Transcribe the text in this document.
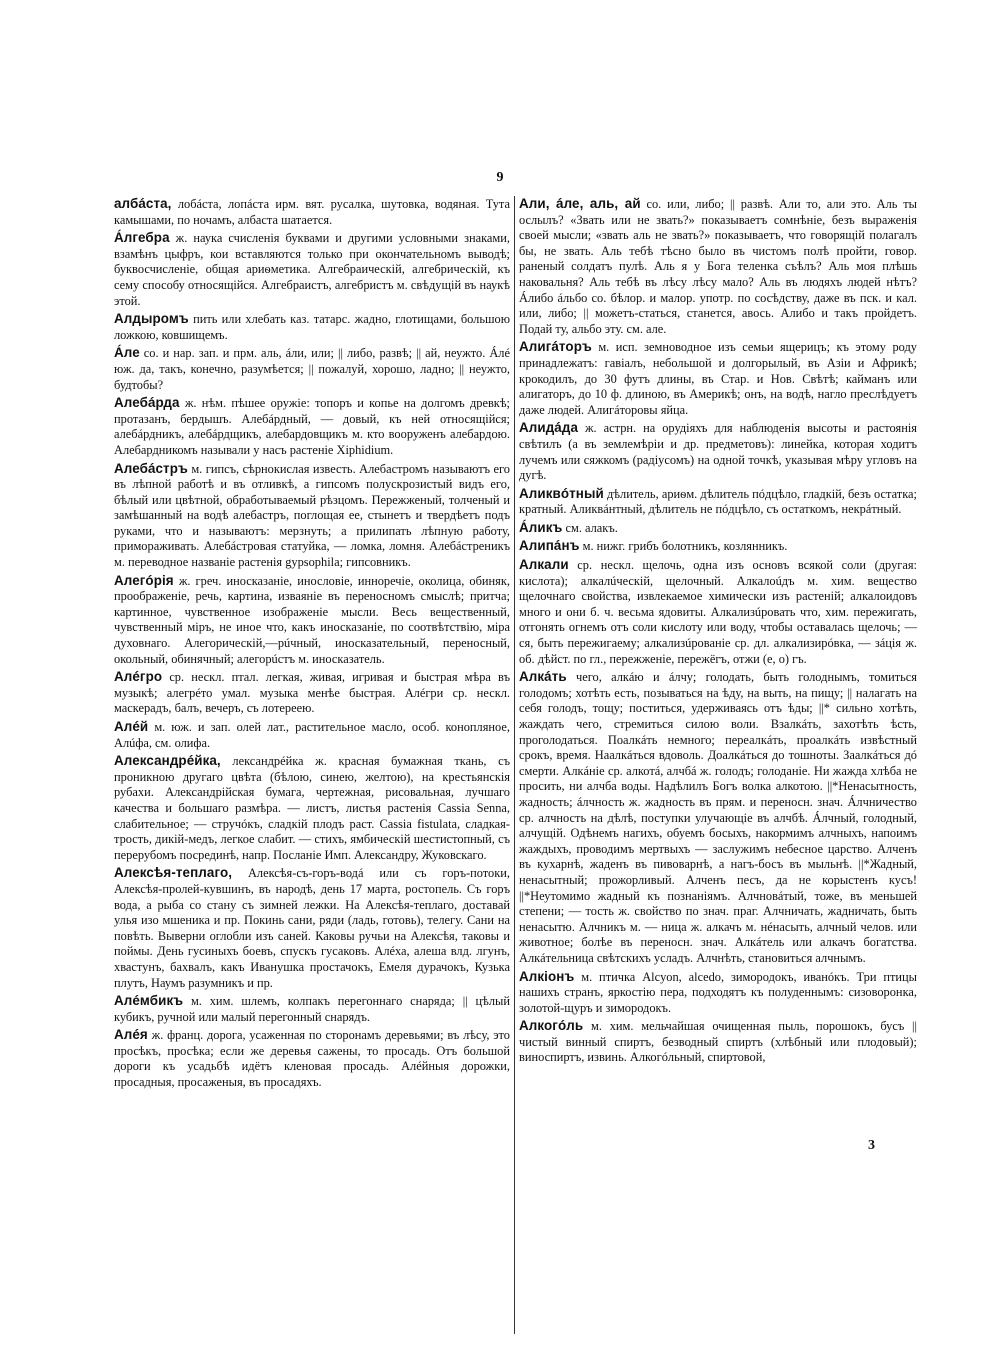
9
албáста, лобáста, лопáста ирм. вят. русалка, шутовка, водяная. Тута камышами, по ночамъ, албаста шатается.
Áлгебра ж. наука счисленія буквами и другими условными знаками, взамѣнъ цыфръ, кои вставляются только при окончательномъ выводѣ; буквосчисленіе, общая ариѳметика. Алгебраическій, алгебрическій, къ сему способу относящійся. Алгебраистъ, алгебристъ м. свѣдущій въ наукѣ этой.
Алдыромъ пить или хлебать каз. татарс. жадно, глотищами, большою ложкою, ковшищемъ.
Áле со. и нар. зап. и прм. аль, áли, или; || либо, развѣ; || ай, неужто. Áлé юж. да, такъ, конечно, разумѣется; || пожалуй, хорошо, ладно; || неужто, будтобы?
Алебáрда ж. нѣм. пѣшее оружіе: топоръ и копье на долгомъ древкѣ; протазанъ, бердышъ. Алебáрдный, — довый, къ ней относящійся; алебáрдникъ, алебáрдщикъ, алебардовщикъ м. кто вооруженъ алебардою. Алебардникомъ называли у насъ растеніе Xiphidium.
Алебáстръ м. гипсъ, сѣрнокислая известь. Алебастромъ называютъ его въ лѣпной работѣ и въ отливкѣ, а гипсомъ полускрозистый видъ его, бѣлый или цвѣтной, обработываемый рѣзцомъ. Пережженый, толченый и замѣшанный на водѣ алебастръ, поглощая ее, стынетъ и твердѣетъ подъ руками, что и называютъ: мерзнуть; а прилипать лѣпную работу, примораживать. Алебáстровая статуйка, — ломка, ломня. Алебáстреникъ м. переводное названіе растенія gypsophila; гипсовникъ.
Алегóрія ж. греч. иносказаніе, инословіе, инноречіе, околица, обиняк, проображеніе, речь, картина, изваяніе въ переносномъ смыслѣ; притча; картинное, чувственное изображеніе мысли. Весь вещественный, чувственный міръ, не иное что, какъ иносказаніе, по соотвѣтствію, міра духовнаго. Алегорическій,—рúчный, иносказательный, переносный, окольный, обинячный; алегорúстъ м. иносказатель.
Алéгро ср. нескл. птал. легкая, живая, игривая и быстрая мѣра въ музыкѣ; алегрéто умал. музыка менѣе быстрая. Алéгри ср. нескл. маскерадъ, балъ, вечеръ, съ лотереею.
Алéй м. юж. и зап. олей лат., растительное масло, особ. конопляное, Алúфа, см. олифа.
Александрéйка, лександрéйка ж. красная бумажная ткань, съ проникною другаго цвѣта (бѣлою, синею, желтою), на крестьянскія рубахи. Александрійская бумага, чертежная, рисовальная, лучшаго качества и большаго размѣра. — листъ, листья растенія Cassia Senna, слабительное; — стручóкъ, сладкій плодъ раст. Cassia fistulata, сладкая-трость, дикій-медъ, легкое слабит. — стихъ, ямбическій шестистопный, съ перерубомъ посрединѣ, напр. Посланіе Имп. Александру, Жуковскаго.
Алексѣя-теплаго, Алексѣя-съ-горъ-водá или съ горъ-потоки, Алексѣя-пролей-кувшинъ, въ народѣ, день 17 марта, ростопель. Съ горъ вода, а рыба со стану съ зимней лежки. На Алексѣя-теплаго, доставай улья изо мшеника и пр. Покинь сани, ряди (ладь, готовь), телегу. Сани на повѣть. Выверни оглобли изъ саней. Каковы ручьи на Алексѣя, таковы и поймы. День гусиныхъ боевъ, спускъ гусаковъ. Алéха, алеша влд. лгунъ, хвастунъ, бахвалъ, какъ Иванушка простачокъ, Емеля дурачокъ, Кузька плутъ, Наумъ разумникъ и пр.
Алéмбикъ м. хим. шлемъ, колпакъ перегоннаго снаряда; || цѣлый кубикъ, ручной или малый перегонный снарядъ.
Алéя ж. франц. дорога, усаженная по сторонамъ деревьями; въ лѣсу, это просѣкъ, просѣка; если же деревья сажены, то просадь. Отъ большой дороги къ усадьбѣ идётъ кленовая просадь. Алéйныя дорожки, просадныя, просаженыя, въ просадяхъ.
Али, áле, аль, ай со. или, либо; || развѣ. Али то, али это. Аль ты ослылъ? «Звать или не звать?» показываетъ сомнѣніе, безъ выраженія своей мысли; «звать аль не звать?» показываетъ, что говорящій полагалъ бы, не звать. Аль тебѣ тѣсно было въ чистомъ полѣ пройти, говор. раненый солдатъ пулѣ. Аль я у Бога теленка съѣлъ? Аль моя плѣшь наковальня? Аль тебѣ въ лѣсу лѣсу мало? Аль въ людяхъ людей нѣтъ? Áлибо áльбо со. бѣлор. и малор. употр. по сосѣдству, даже въ пск. и кал. или, либо; || можетъ-статься, станется, авось. Алибо и такъ пройдетъ. Подай ту, альбо эту. см. але.
Алигáторъ м. исп. земноводное изъ семьи ящерицъ; къ этому роду принадлежатъ: гавіалъ, небольшой и долгорылый, въ Азіи и Африкѣ; крокодилъ, до 30 футъ длины, въ Стар. и Нов. Свѣтѣ; кайманъ или алигаторъ, до 10 ф. длиною, въ Америкѣ; онъ, на водѣ, нагло преслѣдуетъ даже людей. Алигáторовы яйца.
Алидáда ж. астрн. на орудіяхъ для наблюденія высоты и растоянія свѣтилъ (а въ землемѣріи и др. предметовъ): линейка, которая ходитъ лучемъ или сяжкомъ (радіусомъ) на одной точкѣ, указывая мѣру угловъ на дугѣ.
Аликвóтный дѣлитель, ариѳм. дѣлитель пóдцѣло, гладкій, безъ остатка; кратный. Аликвáнтный, дѣлитель не пóдцѣло, съ остаткомъ, некрáтный.
Áликъ см. алакъ.
Алипáнъ м. нижг. грибъ болотникъ, козлянникъ.
Алкали ср. нескл. щелочь, одна изъ основъ всякой соли (другая: кислота); алкалúческій, щелочный. Алкалоúдъ м. хим. вещество щелочнаго свойства, извлекаемое химически изъ растеній; алкалоидовъ много и они б. ч. весьма ядовиты. Алкализúровать что, хим. пережигать, отгонять огнемъ отъ соли кислоту или воду, чтобы оставалась щелочь; — ся, быть пережигаему; алкализúрованіе ср. дл. алкализирóвка, — зáція ж. об. дѣйст. по гл., пережженіе, пережёгъ, отжи (е, о) гъ.
Алкáть чего, алкáю и áлчу; голодать, быть голоднымъ, томиться голодомъ; хотѣть есть, позываться на ѣду, на выть, на пищу; || налагать на себя голодъ, тощу; поститься, удерживаясь отъ ѣды; ||* сильно хотѣть, жаждать чего, стремиться силою воли. Взалкáть, захотѣть ѣсть, проголодаться. Поалкáть немного; переалкáть, проалкáть извѣстный срокъ, время. Наалкáться вдоволь. Доалкáться до тошноты. Заалкáться дó смерти. Алкáніе ср. алкотá, алчбá ж. голодъ; голоданіе. Ни жажда хлѣба не просить, ни алчба воды. Надѣлилъ Богъ волка алкотою. ||*Ненасытность, жадность; áлчность ж. жадность въ прям. и переносн. знач. Áлчничество ср. алчность на дѣлѣ, поступки улучающіе въ алчбѣ. Áлчный, голодный, алчущій. Одѣнемъ нагихъ, обуемъ босыхъ, накормимъ алчныхъ, напоимъ жаждыхъ, проводимъ мертвыхъ — заслужимъ небесное царство. Алченъ въ кухарнѣ, жаденъ въ пивоварнѣ, а нагъ-босъ въ мыльнѣ. ||*Жадный, ненасытный; прожорливый. Алченъ песъ, да не корыстенъ кусъ! ||*Неутомимо жадный къ познаніямъ. Алчновáтый, тоже, въ меньшей степени; — тость ж. свойство по знач. праг. Алчничать, жадничать, быть ненасытю. Алчникъ м. — ница ж. алкачъ м. нéнасыть, алчный челов. или животное; болѣе въ переносн. знач. Алкáтель или алкачъ богатства. Алкáтельница свѣтскихъ усладъ. Алчнѣть, становиться алчнымъ.
Алкіонъ м. птичка Alcyon, alcedo, зимородокъ, иванóкъ. Три птицы нашихъ странъ, яркостію пера, подходятъ къ полуденнымъ: сизоворонка, золотой-щуръ и зимородокъ.
Алкогóль м. хим. мельчайшая очищенная пыль, порошокъ, бусъ ||чистый винный спиртъ, безводный спиртъ (хлѣбный или плодовый); виноспиртъ, извинь. Алкогóльный, спиртовой,
3
